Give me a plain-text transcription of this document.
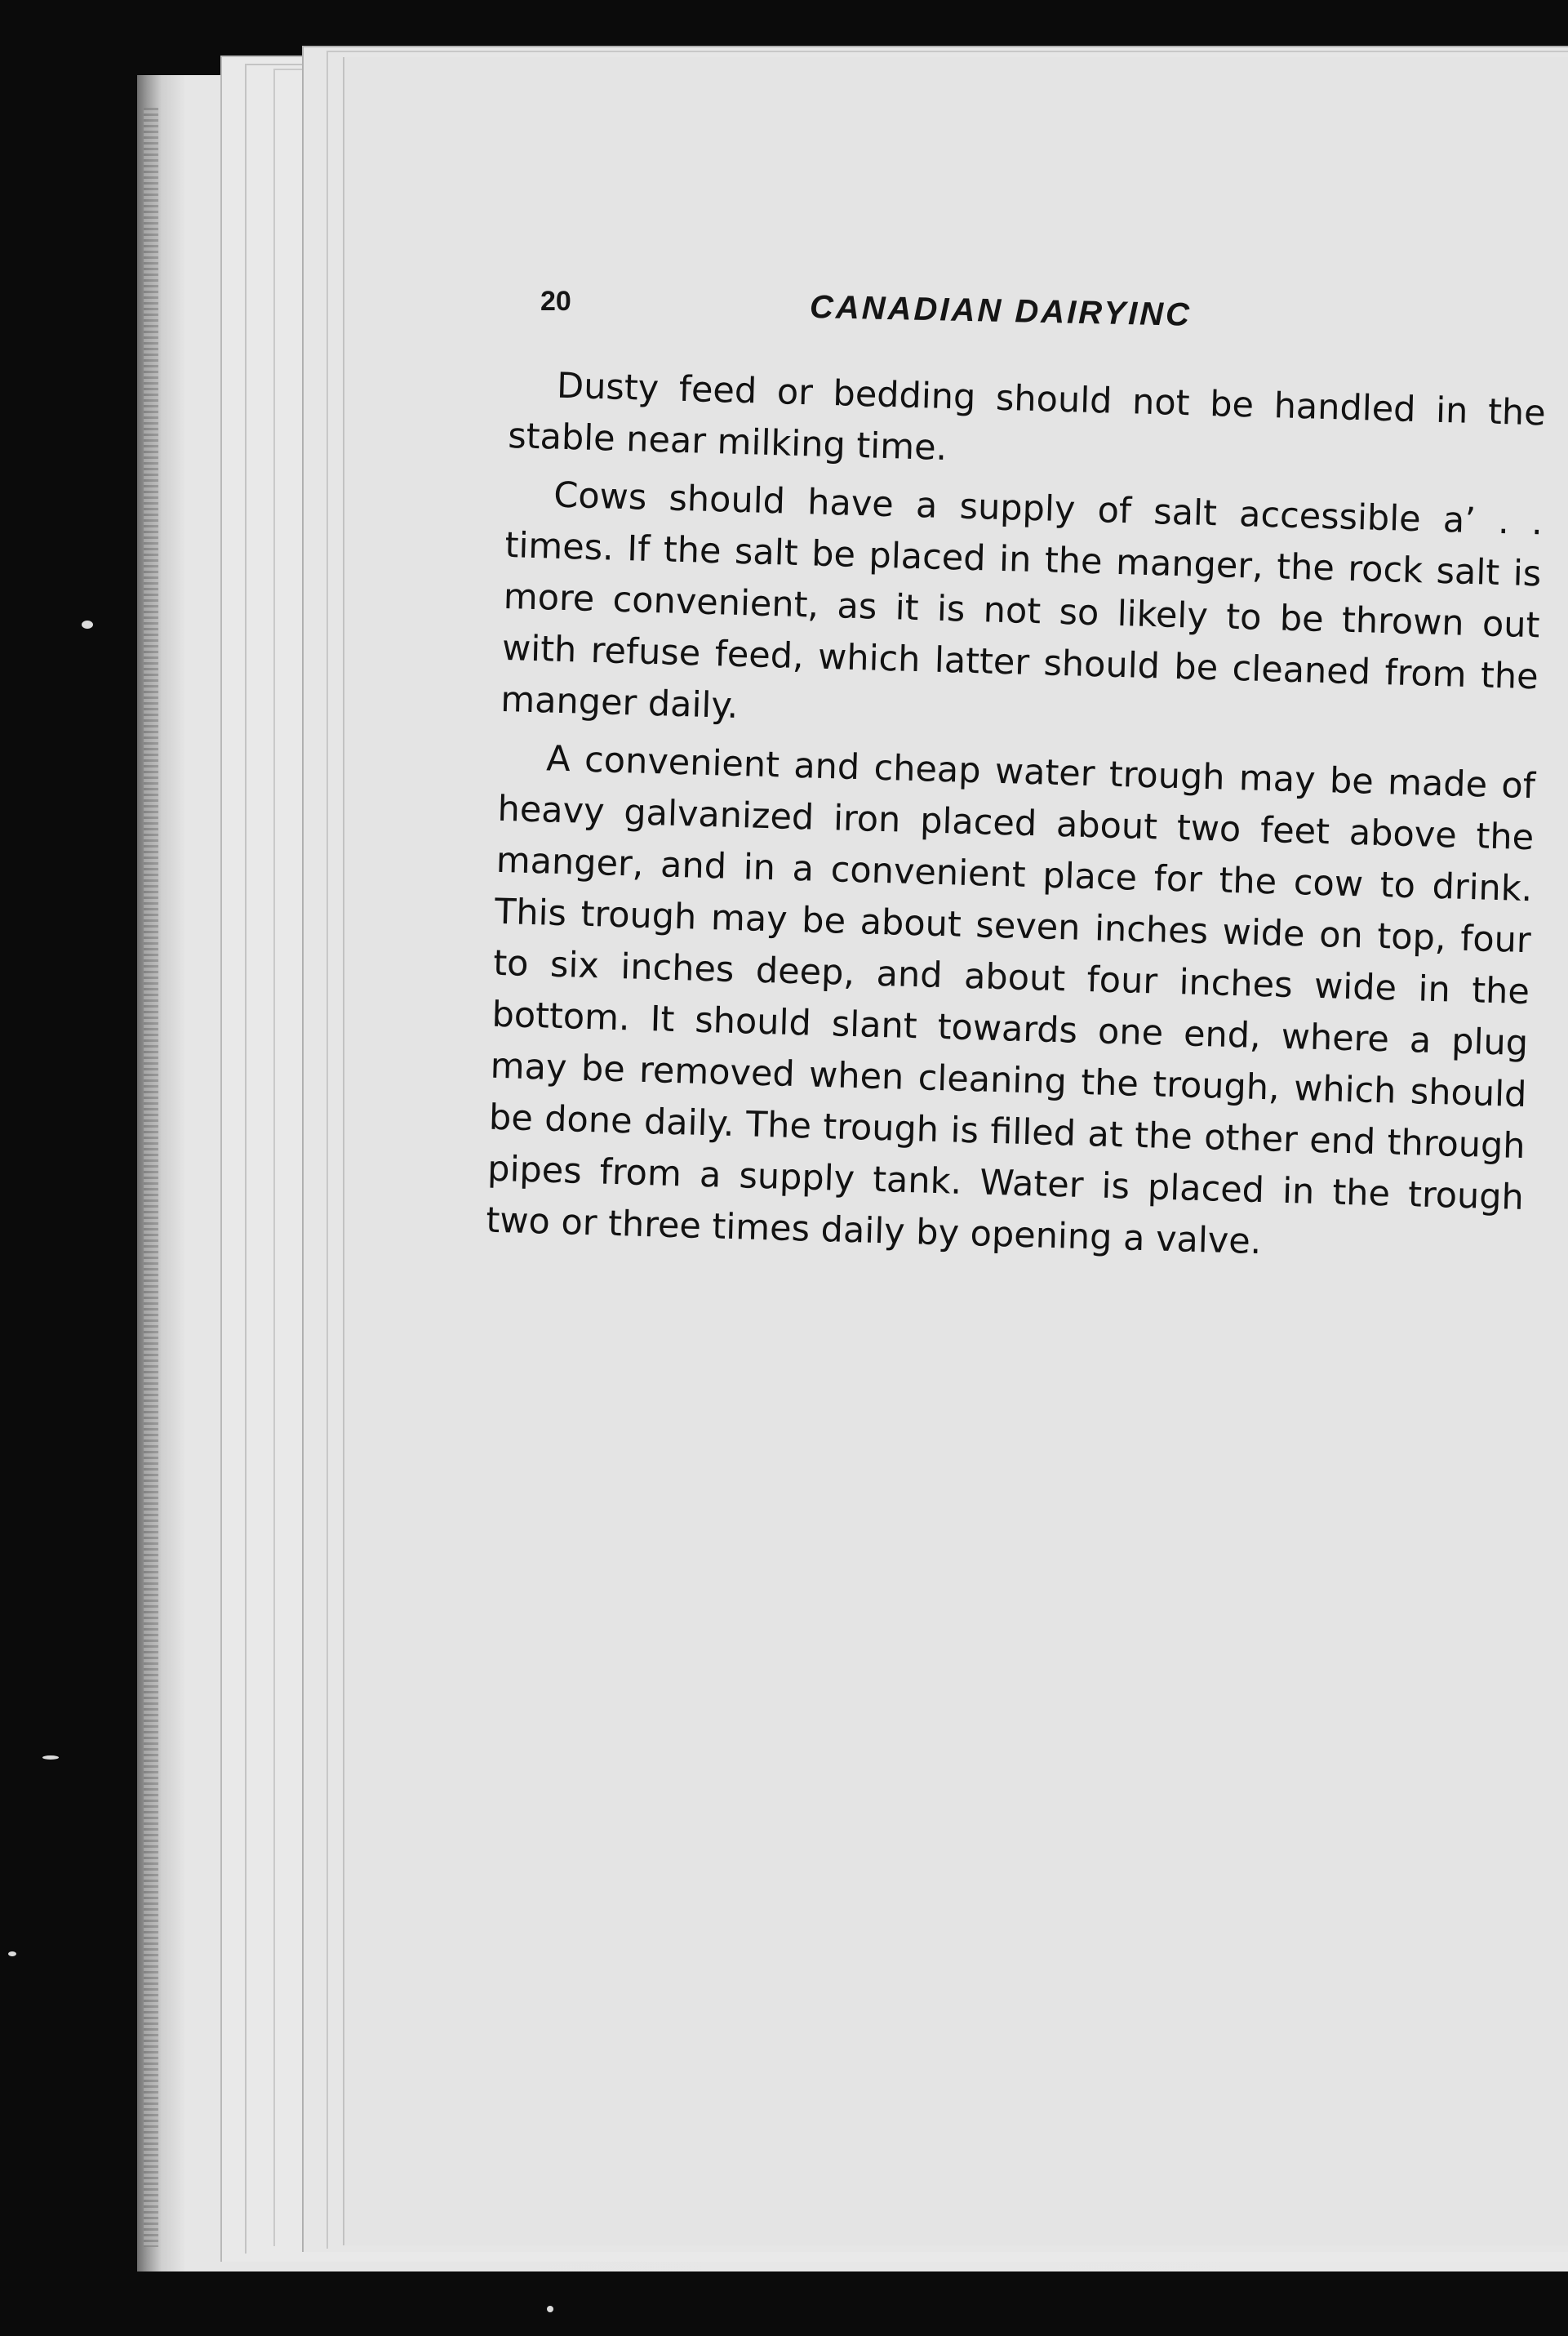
20	CANADIAN DAIRYINC

Dusty feed or bedding should not be handled in the stable near milking time.

Cows should have a supply of salt accessible a’ . . times. If the salt be placed in the manger, the rock salt is more convenient, as it is not so likely to be thrown out with refuse feed, which latter should be cleaned from the manger daily.

A convenient and cheap water trough may be made of heavy galvanized iron placed about two feet above the manger, and in a convenient place for the cow to drink. This trough may be about seven inches wide on top, four to six inches deep, and about four inches wide in the bottom. It should slant towards one end, where a plug may be removed when cleaning the trough, which should be done daily. The trough is filled at the other end through pipes from a supply tank. Water is placed in the trough two or three times daily by opening a valve.
